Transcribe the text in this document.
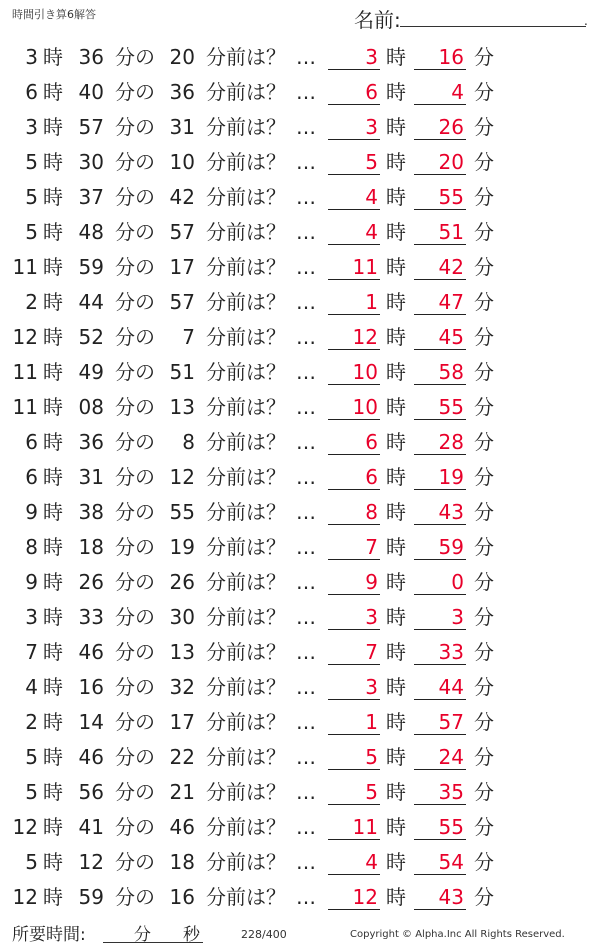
時間引き算6解答	名前:	.
3 時 36 分の 20 分前は？ …	3 時	16 分
6 時 40 分の 36 分前は？ …	6 時	4 分
3 時 57 分の 31 分前は？ …	3 時	26 分
5 時 30 分の 10 分前は？ …	5 時	20 分
5 時 37 分の 42 分前は？ …	4 時	55 分
5 時 48 分の 57 分前は？ …	4 時	51 分
11 時 59 分の 17 分前は？ …	11 時	42 分
2 時 44 分の 57 分前は？ …	1 時	47 分
12 時 52 分の	7 分前は？ …	12 時	45 分
11 時 49 分の 51 分前は？ …	10 時	58 分
11 時 08 分の 13 分前は？ …	10 時	55 分
6 時 36 分の	8 分前は？ …	6 時	28 分
6 時 31 分の 12 分前は？ …	6 時	19 分
9 時 38 分の 55 分前は？ …	8 時	43 分
8 時 18 分の 19 分前は？ …	7 時	59 分
9 時 26 分の 26 分前は？ …	9 時	0 分
3 時 33 分の 30 分前は？ …	3 時	3 分
7 時 46 分の 13 分前は？ …	7 時	33 分
4 時 16 分の 32 分前は？ …	3 時	44 分
2 時 14 分の 17 分前は？ …	1 時	57 分
5 時 46 分の 22 分前は？ …	5 時	24 分
5 時 56 分の 21 分前は？ …	5 時	35 分
12 時 41 分の 46 分前は？ …	11 時	55 分
5 時 12 分の 18 分前は？ …	4 時	54 分
12 時 59 分の 16 分前は？ …	12 時	43 分
所要時間:	分 秒	228/400	Copyright © Alpha.Inc All Rights Reserved.
